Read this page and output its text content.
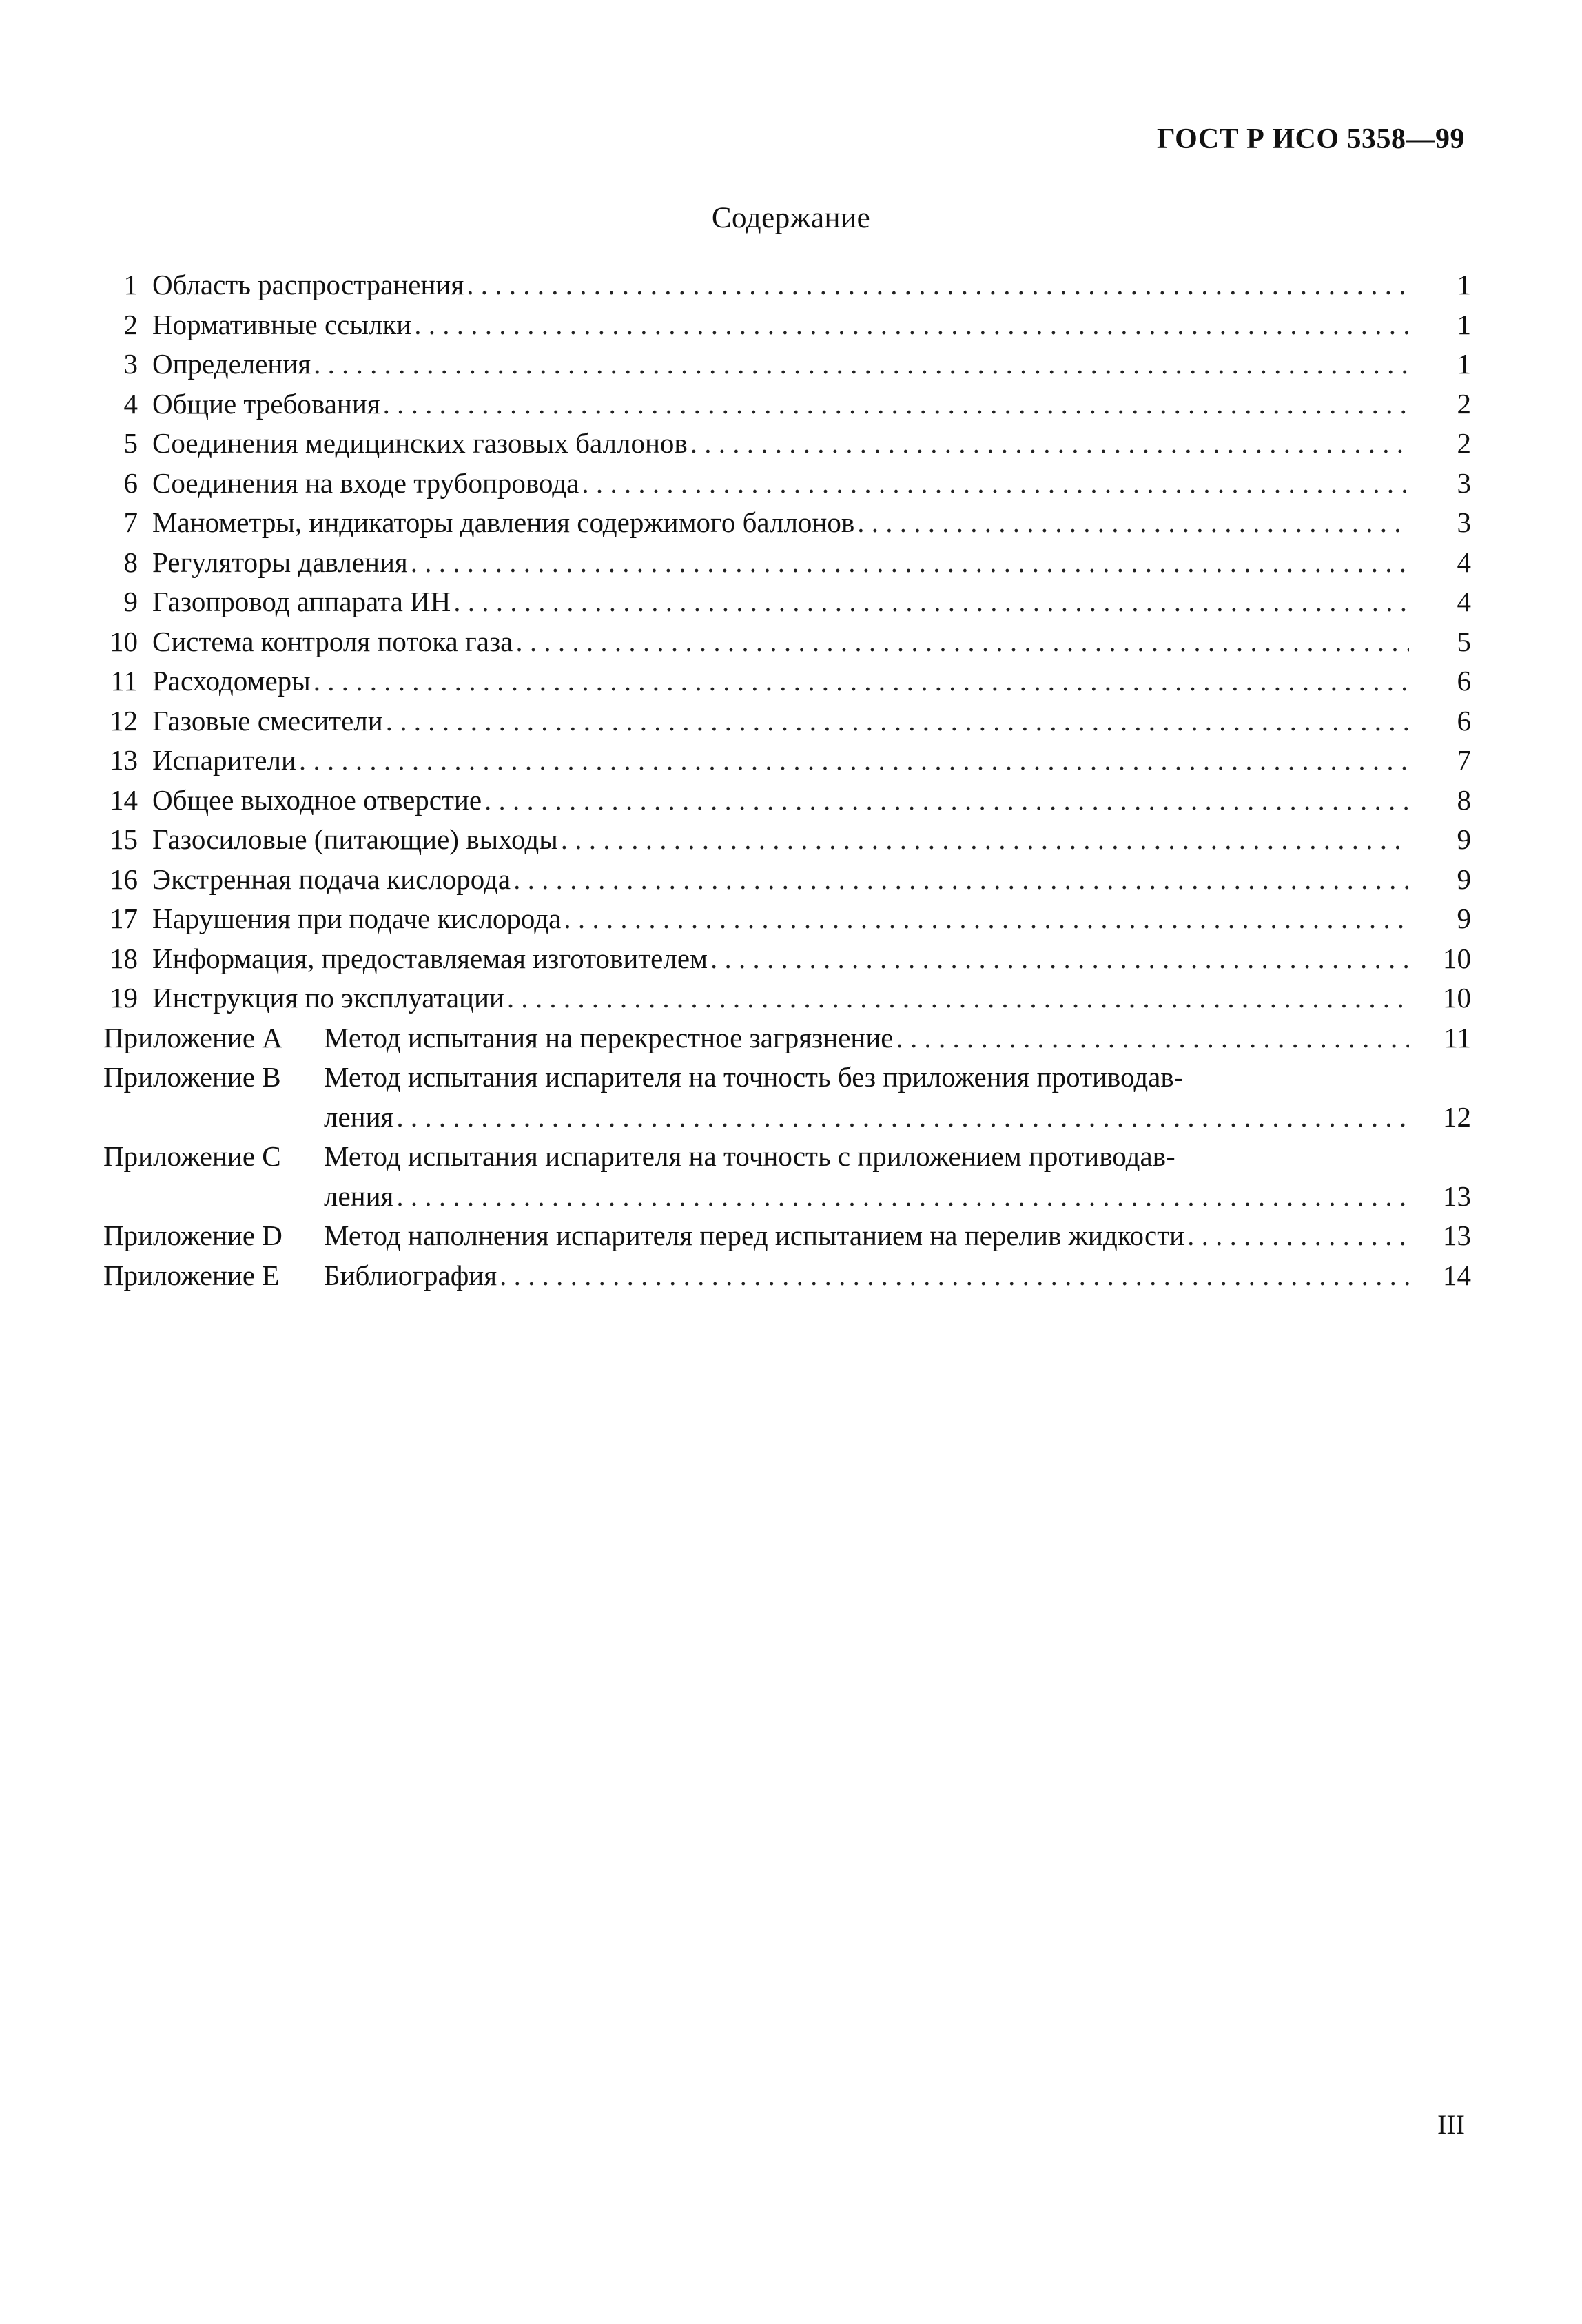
ГОСТ Р ИСО 5358—99
Содержание
1 Область распространения . . .	1
2 Нормативные ссылки . . .	1
3 Определения . . .	1
4 Общие требования . . .	2
5 Соединения медицинских газовых баллонов . . .	2
6 Соединения на входе трубопровода . . .	3
7 Манометры, индикаторы давления содержимого баллонов . . .	3
8 Регуляторы давления . . .	4
9 Газопровод аппарата ИН . . .	4
10 Система контроля потока газа . . .	5
11 Расходомеры . . .	6
12 Газовые смесители . . .	6
13 Испарители . . .	7
14 Общее выходное отверстие . . .	8
15 Газосиловые (питающие) выходы . . .	9
16 Экстренная подача кислорода . . .	9
17 Нарушения при подаче кислорода . . .	9
18 Информация, предоставляемая изготовителем . . .	10
19 Инструкция по эксплуатации . . .	10
Приложение A	Метод испытания на перекрестное загрязнение . . .	11
Приложение B	Метод испытания испарителя на точность без приложения противодав-
ления . . .	12
Приложение C	Метод испытания испарителя на точность с приложением противодав-
ления . . .	13
Приложение D	Метод наполнения испарителя перед испытанием на перелив жидкости . . .	13
Приложение E	Библиография . . .	14
III
